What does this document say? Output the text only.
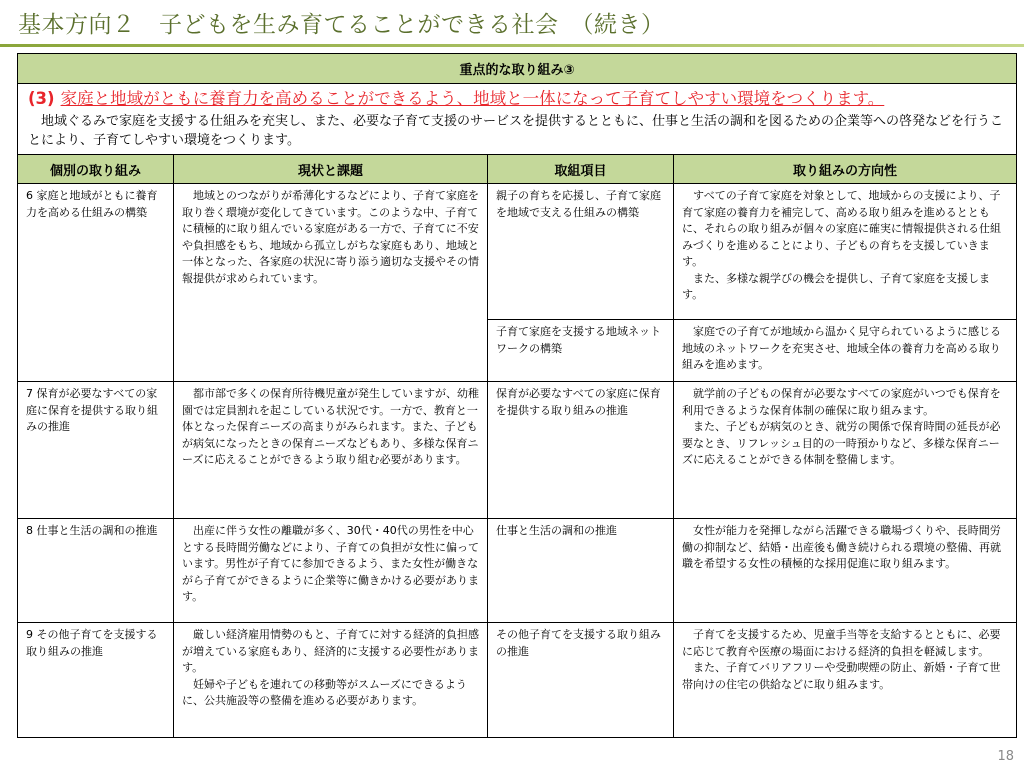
基本方向２　子どもを生み育てることができる社会　（続き）
重点的な取り組み③			

(3) 家庭と地域がともに養育力を高めることができるよう、地域と一体になって子育てしやすい環境をつくります。
地域ぐるみで家庭を支援する仕組みを充実し、また、必要な子育て支援のサービスを提供するとともに、仕事と生活の調和を図るための企業等への啓発などを行うことにより、子育てしやすい環境をつくります。			

個別の取り組み	現状と課題	取組項目	取り組みの方向性
6 家庭と地域がともに養育力を高める仕組みの構築	地域とのつながりが希薄化するなどにより、子育て家庭を取り巻く環境が変化してきています。このような中、子育てに積極的に取り組んでいる家庭がある一方で、子育てに不安や負担感をもち、地域から孤立しがちな家庭もあり、地域と一体となった、各家庭の状況に寄り添う適切な支援やその情報提供が求められています。	親子の育ちを応援し、子育て家庭を地域で支える仕組みの構築	すべての子育て家庭を対象として、地域からの支援により、子育て家庭の養育力を補完して、高める取り組みを進めるとともに、それらの取り組みが個々の家庭に確実に情報提供される仕組みづくりを進めることにより、子どもの育ちを支援していきます。
また、多様な親学びの機会を提供し、子育て家庭を支援します。

		子育て家庭を支援する地域ネットワークの構築	家庭での子育てが地域から温かく見守られているように感じる地域のネットワークを充実させ、地域全体の養育力を高める取り組みを進めます。

7 保育が必要なすべての家庭に保育を提供する取り組みの推進	都市部で多くの保育所待機児童が発生していますが、幼稚園では定員割れを起こしている状況です。一方で、教育と一体となった保育ニーズの高まりがみられます。また、子どもが病気になったときの保育ニーズなどもあり、多様な保育ニーズに応えることができるよう取り組む必要があります。	保育が必要なすべての家庭に保育を提供する取り組みの推進	就学前の子どもの保育が必要なすべての家庭がいつでも保育を利用できるような保育体制の確保に取り組みます。
また、子どもが病気のとき、就労の関係で保育時間の延長が必要なとき、リフレッシュ目的の一時預かりなど、多様な保育ニーズに応えることができる体制を整備します。

8 仕事と生活の調和の推進	出産に伴う女性の離職が多く、30代・40代の男性を中心とする長時間労働などにより、子育ての負担が女性に偏っています。男性が子育てに参加できるよう、また女性が働きながら子育てができるように企業等に働きかける必要があります。	仕事と生活の調和の推進	女性が能力を発揮しながら活躍できる職場づくりや、長時間労働の抑制など、結婚・出産後も働き続けられる環境の整備、再就職を希望する女性の積極的な採用促進に取り組みます。

9 その他子育てを支援する取り組みの推進	厳しい経済雇用情勢のもと、子育てに対する経済的負担感が増えている家庭もあり、経済的に支援する必要性があります。
妊婦や子どもを連れての移動等がスムーズにできるように、公共施設等の整備を進める必要があります。	その他子育てを支援する取り組みの推進	子育てを支援するため、児童手当等を支給するとともに、必要に応じて教育や医療の場面における経済的負担を軽減します。
また、子育てバリアフリーや受動喫煙の防止、新婚・子育て世帯向けの住宅の供給などに取り組みます。
18
